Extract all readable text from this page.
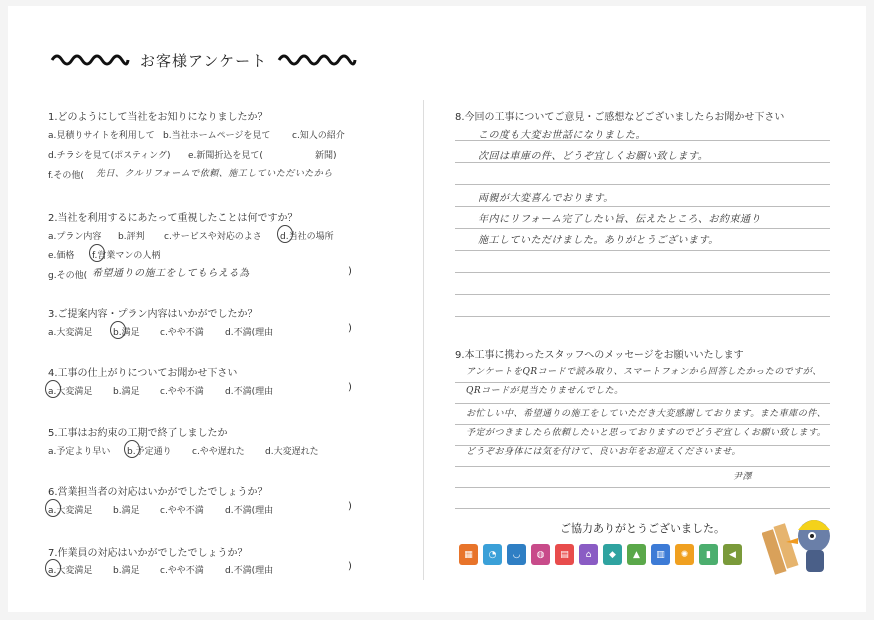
お客様アンケート
1.どのようにして当社をお知りになりましたか？
a.見積りサイトを利用して b.当社ホームページを見て c.知人の紹介
d.チラシを見て(ポスティング) e.新聞折込を見て(	新聞)
f.その他( 先日、クルリフォームで依頼、施工していただいたから
2.当社を利用するにあたって重視したことは何ですか？
a.プラン内容 b.評判 c.サービスや対応のよさ d.当社の場所
e.価格 f.営業マンの人柄
g.その他( 希望通りの施工をしてもらえる為	)
3.ご提案内容・プラン内容はいかがでしたか？
a.大変満足 b.満足 c.やや不満 d.不満(理由	)
4.工事の仕上がりについてお聞かせ下さい
a.大変満足 b.満足 c.やや不満 d.不満(理由	)
5.工事はお約束の工期で終了しましたか
a.予定より早い b.予定通り c.やや遅れた d.大変遅れた
6.営業担当者の対応はいかがでしたでしょうか？
a.大変満足 b.満足 c.やや不満 d.不満(理由	)
7.作業員の対応はいかがでしたでしょうか？
a.大変満足 b.満足 c.やや不満 d.不満(理由	)
8.今回の工事についてご意見・ご感想などございましたらお聞かせ下さい
この度も大変お世話になりました。
次回は車庫の件、どうぞ宜しくお願い致します。
両親が大変喜んでおります。
年内にリフォーム完了したい旨、伝えたところ、お約束通り
施工していただけました。ありがとうございます。
9.本工事に携わったスタッフへのメッセージをお願いいたします
アンケートをQRコードで読み取り、スマートフォンから回答したかったのですが、QRコードが見当たりませんでした。
お忙しい中、希望通りの施工をしていただき大変感謝しております。また車庫の件、予定がつきましたら依頼したいと思っておりますのでどうぞ宜しくお願い致します。どうぞお身体には気を付けて、良いお年をお迎えくださいませ。
尹澤
ご協力ありがとうございました。
▦	◔	◡	◍	▤	⌂	◆	▲	▥	✺	▮	◀
